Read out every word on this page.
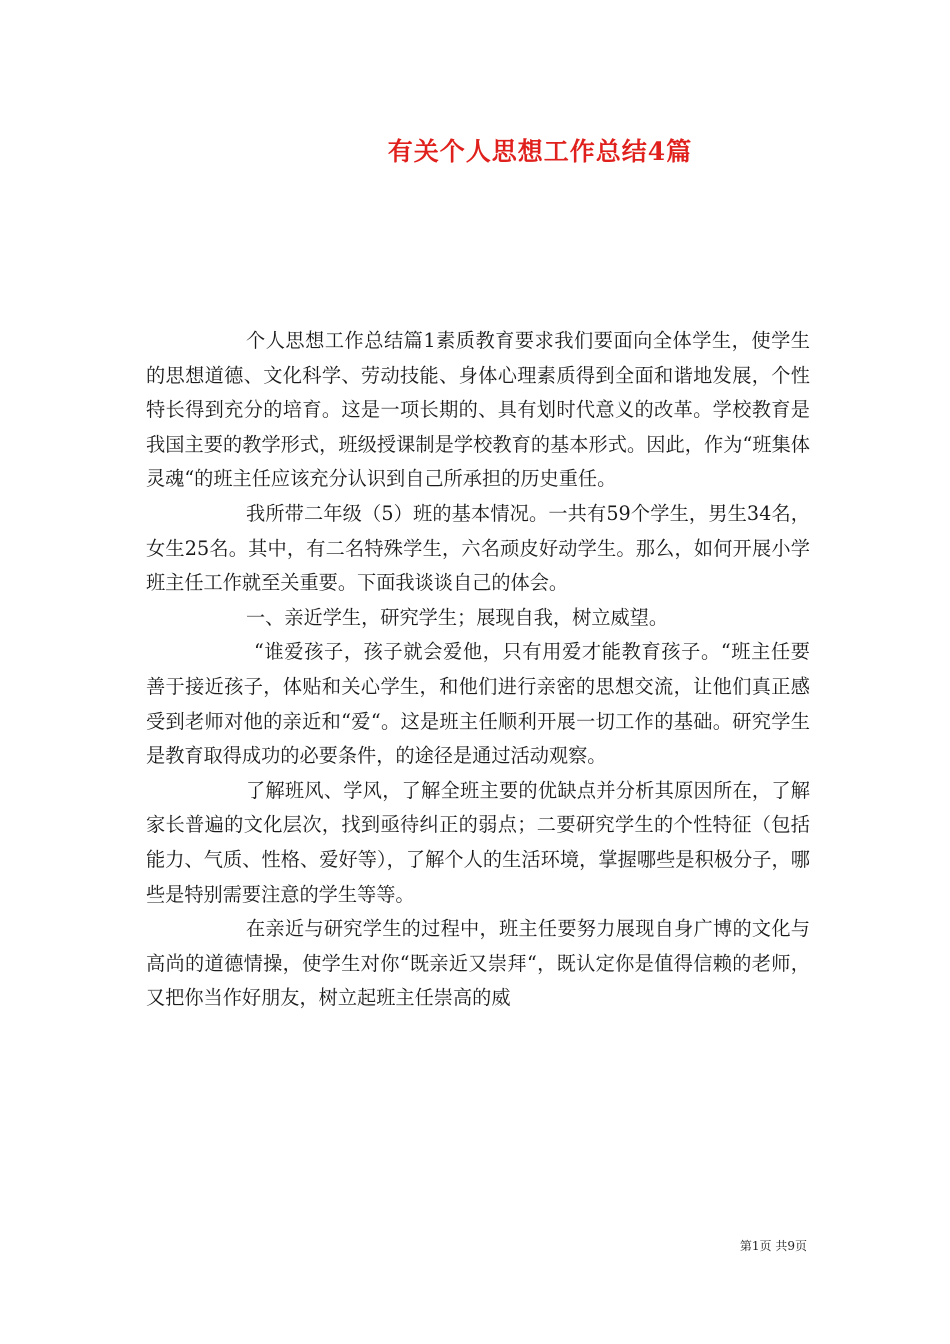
有关个人思想工作总结4篇

个人思想工作总结篇1素质教育要求我们要面向全体学生，使学生的思想道德、文化科学、劳动技能、身体心理素质得到全面和谐地发展，个性特长得到充分的培育。这是一项长期的、具有划时代意义的改革。学校教育是我国主要的教学形式，班级授课制是学校教育的基本形式。因此，作为“班集体灵魂“的班主任应该充分认识到自己所承担的历史重任。

我所带二年级（5）班的基本情况。一共有59个学生，男生34名，女生25名。其中，有二名特殊学生，六名顽皮好动学生。那么，如何开展小学班主任工作就至关重要。下面我谈谈自己的体会。

一、亲近学生，研究学生；展现自我，树立威望。

“谁爱孩子，孩子就会爱他，只有用爱才能教育孩子。“班主任要善于接近孩子，体贴和关心学生，和他们进行亲密的思想交流，让他们真正感受到老师对他的亲近和“爱“。这是班主任顺利开展一切工作的基础。研究学生是教育取得成功的必要条件，的途径是通过活动观察。

了解班风、学风，了解全班主要的优缺点并分析其原因所在，了解家长普遍的文化层次，找到亟待纠正的弱点；二要研究学生的个性特征（包括能力、气质、性格、爱好等），了解个人的生活环境，掌握哪些是积极分子，哪些是特别需要注意的学生等等。

在亲近与研究学生的过程中，班主任要努力展现自身广博的文化与高尚的道德情操，使学生对你“既亲近又崇拜“，既认定你是值得信赖的老师，又把你当作好朋友，树立起班主任崇高的威

第1页 共9页
